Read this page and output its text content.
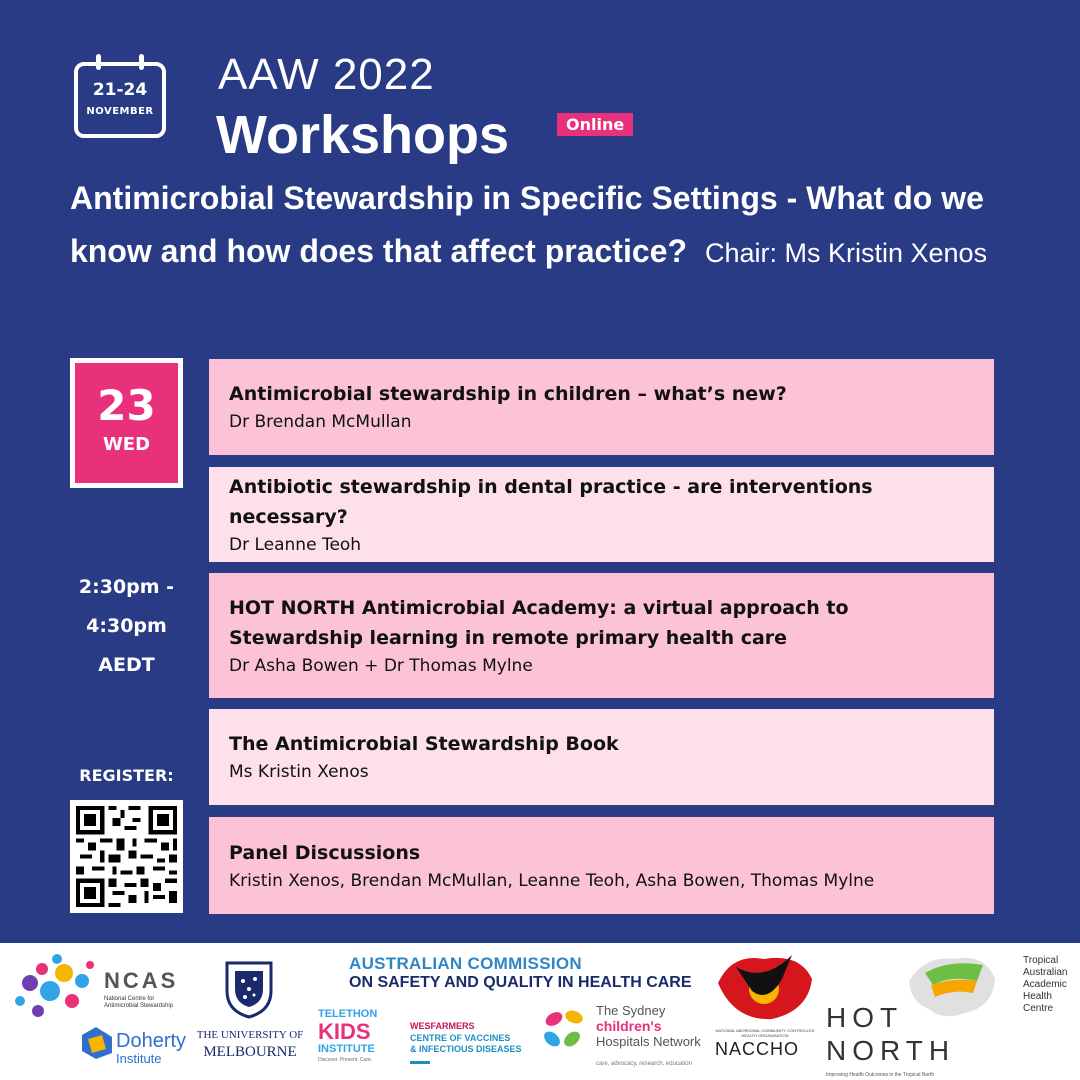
21-24
NOVEMBER
AAW 2022
Workshops	Online
Antimicrobial Stewardship in Specific Settings - What do we know and how does that affect practice? Chair: Ms Kristin Xenos
23
WED
2:30pm -
4:30pm
AEDT
REGISTER:
Antimicrobial stewardship in children – what’s new?
Dr Brendan McMullan
Antibiotic stewardship in dental practice - are interventions necessary?
Dr Leanne Teoh
HOT NORTH Antimicrobial Academy: a virtual approach to Stewardship learning in remote primary health care
Dr Asha Bowen + Dr Thomas Mylne
The Antimicrobial Stewardship Book
Ms Kristin Xenos
Panel Discussions
Kristin Xenos, Brendan McMullan, Leanne Teoh, Asha Bowen, Thomas Mylne
NCAS
National Centre for Antimicrobial Stewardship
Doherty
Institute
THE UNIVERSITY OF
MELBOURNE
AUSTRALIAN COMMISSION
ON SAFETY AND QUALITY IN HEALTH CARE
TELETHON
KIDS
INSTITUTE
Discover. Prevent. Cure.
WESFARMERS
CENTRE OF VACCINES
& INFECTIOUS DISEASES
The Sydney
children's
Hospitals Network
care, advocacy, research, education
NATIONAL ABORIGINAL COMMUNITY CONTROLLED HEALTH ORGANISATION
NACCHO
HOT
NORTH
Improving Health Outcomes in the Tropical North
Tropical Australian Academic Health Centre
